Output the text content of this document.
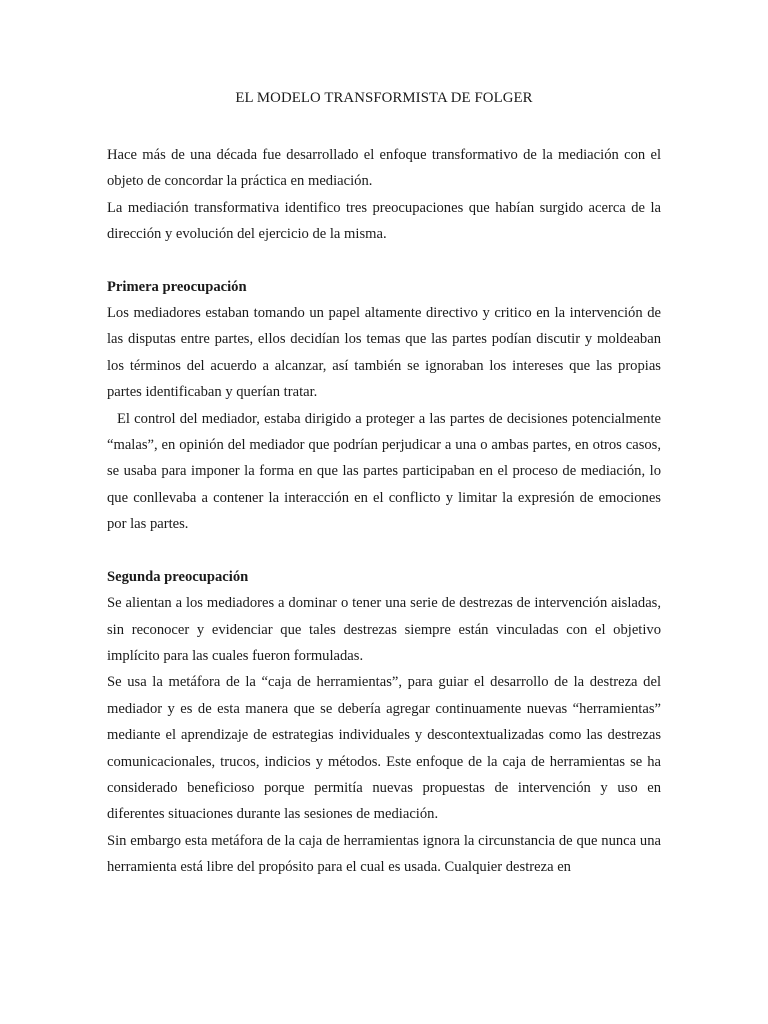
EL MODELO TRANSFORMISTA DE FOLGER

Hace más de una década fue desarrollado el enfoque transformativo de la mediación con el objeto de concordar la práctica en mediación.

La mediación transformativa identifico tres preocupaciones que habían surgido acerca de la dirección y evolución del ejercicio de la misma.

Primera preocupación

Los mediadores estaban tomando un papel altamente directivo y critico en la intervención de las disputas entre partes, ellos decidían los temas que las partes podían discutir y moldeaban los términos del acuerdo a alcanzar, así también se ignoraban los intereses que las propias partes identificaban y querían tratar.

El control del mediador, estaba dirigido a proteger a las partes de decisiones potencialmente “malas”, en opinión del mediador que podrían perjudicar a una o ambas partes, en otros casos, se usaba para imponer la forma en que las partes participaban en el proceso de mediación, lo que conllevaba a contener la interacción en el conflicto y limitar la expresión de emociones por las partes.

Segunda preocupación

Se alientan a los mediadores a dominar o tener una serie de destrezas de intervención aisladas, sin reconocer y evidenciar que tales destrezas siempre están vinculadas con el objetivo implícito para las cuales fueron formuladas.

Se usa la metáfora de la “caja de herramientas”, para guiar el desarrollo de la destreza del mediador y es de esta manera que se debería agregar continuamente nuevas “herramientas” mediante el aprendizaje de estrategias individuales y descontextualizadas como las destrezas comunicacionales, trucos, indicios y métodos. Este enfoque de la caja de herramientas se ha considerado beneficioso porque permitía nuevas propuestas de intervención y uso en diferentes situaciones durante las sesiones de mediación.

Sin embargo esta metáfora de la caja de herramientas ignora la circunstancia de que nunca una herramienta está libre del propósito para el cual es usada. Cualquier destreza en
